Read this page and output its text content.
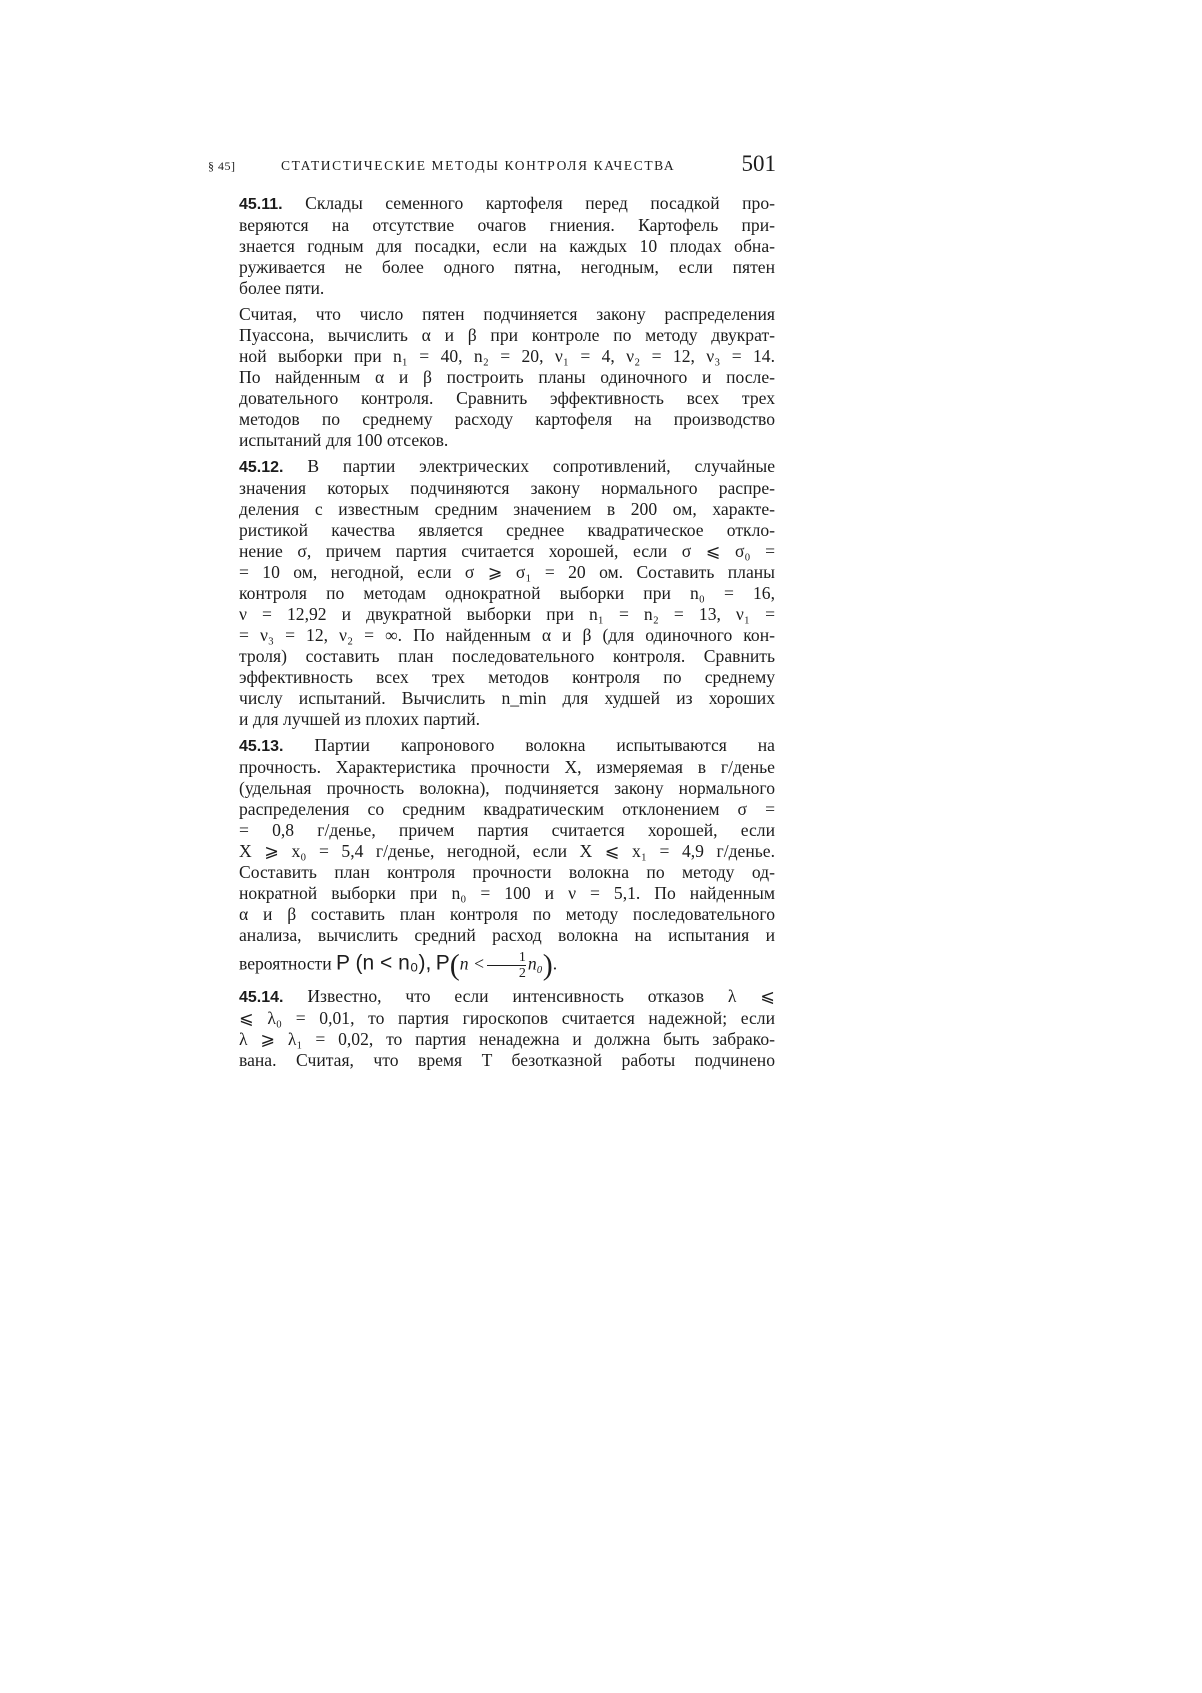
§ 45]	СТАТИСТИЧЕСКИЕ МЕТОДЫ КОНТРОЛЯ КАЧЕСТВА	501

45.11. Склады семенного картофеля перед посадкой про-
веряются на отсутствие очагов гниения. Картофель при-
знается годным для посадки, если на каждых 10 плодах обна-
руживается не более одного пятна, негодным, если пятен
более пяти.

Считая, что число пятен подчиняется закону распределения
Пуассона, вычислить α и β при контроле по методу двукрат-
ной выборки при n₁ = 40, n₂ = 20, ν₁ = 4, ν₂ = 12, ν₃ = 14.
По найденным α и β построить планы одиночного и после-
довательного контроля. Сравнить эффективность всех трех
методов по среднему расходу картофеля на производство
испытаний для 100 отсеков.

45.12. В партии электрических сопротивлений, случайные
значения которых подчиняются закону нормального распре-
деления с известным средним значением в 200 ом, характе-
ристикой качества является среднее квадратическое откло-
нение σ, причем партия считается хорошей, если σ ⩽ σ₀ =
= 10 ом, негодной, если σ ⩾ σ₁ = 20 ом. Составить планы
контроля по методам однократной выборки при n₀ = 16,
ν = 12,92 и двукратной выборки при n₁ = n₂ = 13, ν₁ =
= ν₃ = 12, ν₂ = ∞. По найденным α и β (для одиночного кон-
троля) составить план последовательного контроля. Сравнить
эффективность всех трех методов контроля по среднему
числу испытаний. Вычислить n_min для худшей из хороших
и для лучшей из плохих партий.

45.13. Партии капронового волокна испытываются на
прочность. Характеристика прочности X, измеряемая в г/денье
(удельная прочность волокна), подчиняется закону нормального
распределения со средним квадратическим отклонением σ =
= 0,8 г/денье, причем партия считается хорошей, если
X ⩾ x₀ = 5,4 г/денье, негодной, если X ⩽ x₁ = 4,9 г/денье.
Составить план контроля прочности волокна по методу од-
нократной выборки при n₀ = 100 и ν = 5,1. По найденным
α и β составить план контроля по методу последовательного
анализа, вычислить средний расход волокна на испытания и
вероятности P (n < n₀), $P(n < \frac{1}{2} n_0)$.

45.14. Известно, что если интенсивность отказов λ ⩽
⩽ λ₀ = 0,01, то партия гироскопов считается надежной; если
λ ⩾ λ₁ = 0,02, то партия ненадежна и должна быть забрако-
вана. Считая, что время T безотказной работы подчинено
